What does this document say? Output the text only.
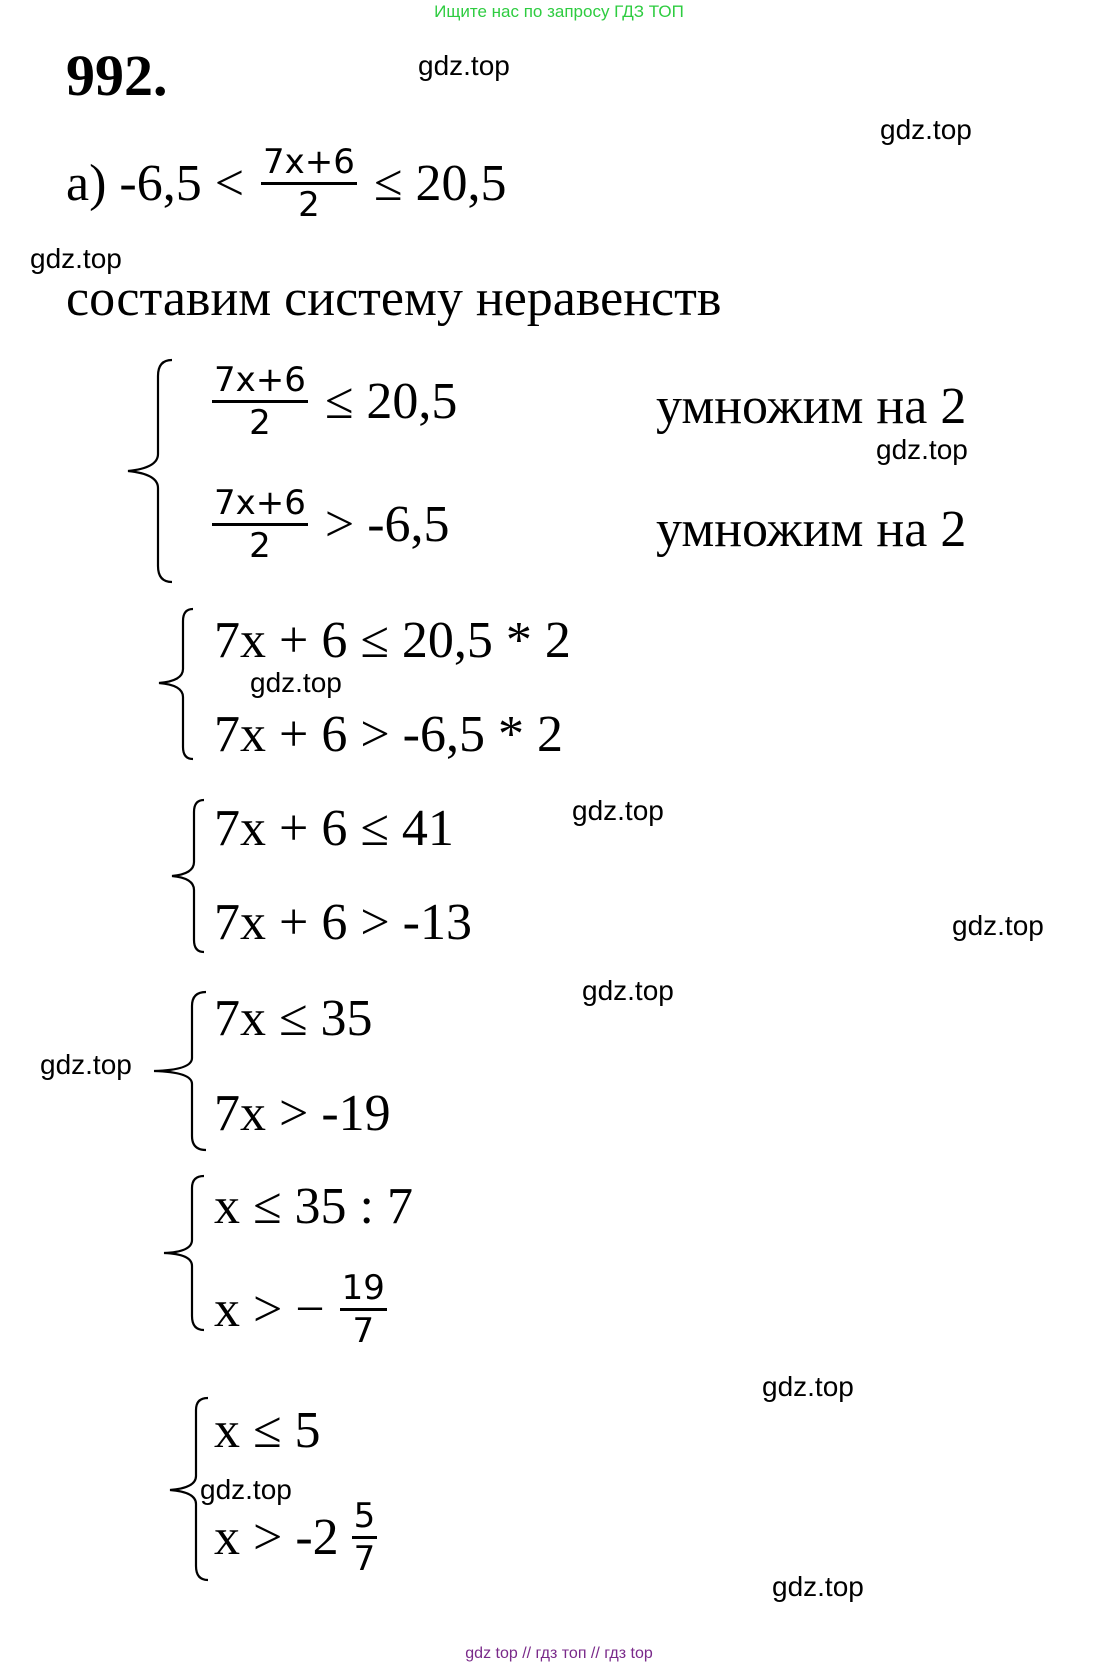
Ищите нас по запросу ГДЗ ТОП
992.
а) $-6,5 < \frac{7x+6}{2} \le 20,5$
составим систему неравенств
$\frac{7x+6}{2} \le 20,5$	умножим на 2
$\frac{7x+6}{2} > -6,5$	умножим на 2
7x + 6 ≤ 20,5 * 2
7x + 6 > -6,5 * 2
7x + 6 ≤ 41
7x + 6 > -13
7x ≤ 35
7x > -19
x ≤ 35 : 7
x > − $\frac{19}{7}$
x ≤ 5
$x > -2 \frac{5}{7}$
gdz.top
gdz.top
gdz.top
gdz.top
gdz.top
gdz.top
gdz.top
gdz.top
gdz.top
gdz.top
gdz.top
gdz.top
gdz top // гдз топ // гдз top
